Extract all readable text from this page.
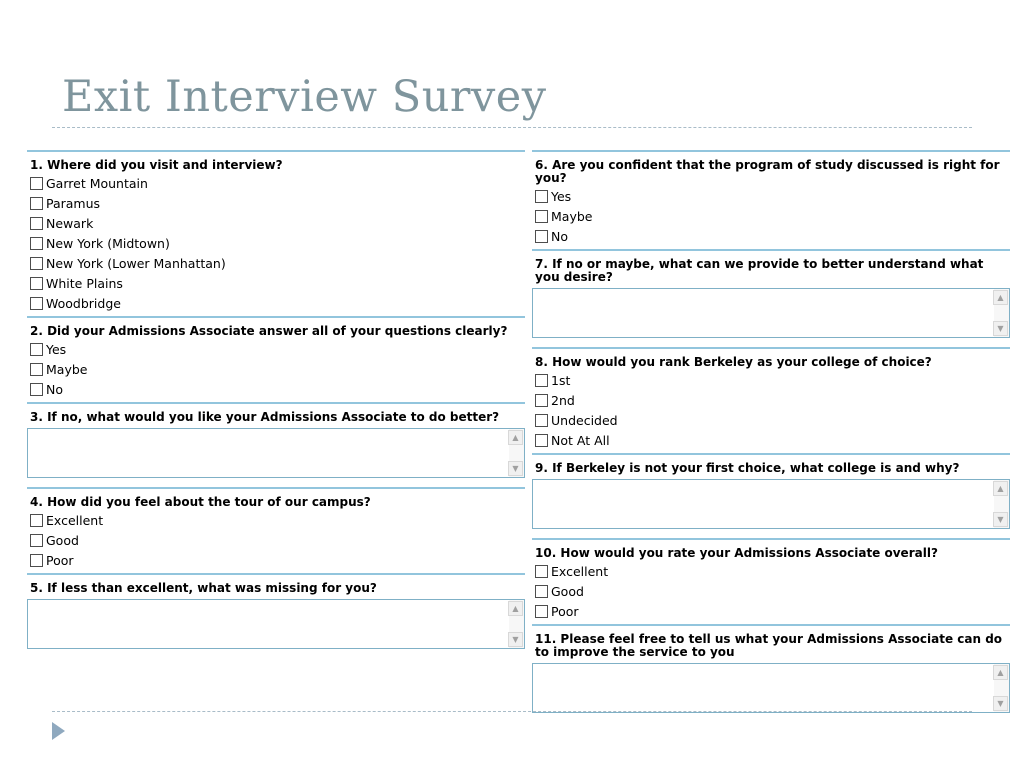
Exit Interview Survey
1. Where did you visit and interview?
Garret Mountain
Paramus
Newark
New York (Midtown)
New York (Lower Manhattan)
White Plains
Woodbridge
2. Did your Admissions Associate answer all of your questions clearly?
Yes
Maybe
No
3. If no, what would you like your Admissions Associate to do better?
▲
▼
4. How did you feel about the tour of our campus?
Excellent
Good
Poor
5. If less than excellent, what was missing for you?
▲
▼
6. Are you confident that the program of study discussed is right for you?
Yes
Maybe
No
7. If no or maybe, what can we provide to better understand what you desire?
▲
▼
8. How would you rank Berkeley as your college of choice?
1st
2nd
Undecided
Not At All
9. If Berkeley is not your first choice, what college is and why?
▲
▼
10. How would you rate your Admissions Associate overall?
Excellent
Good
Poor
11. Please feel free to tell us what your Admissions Associate can do to improve the service to you
▲
▼
